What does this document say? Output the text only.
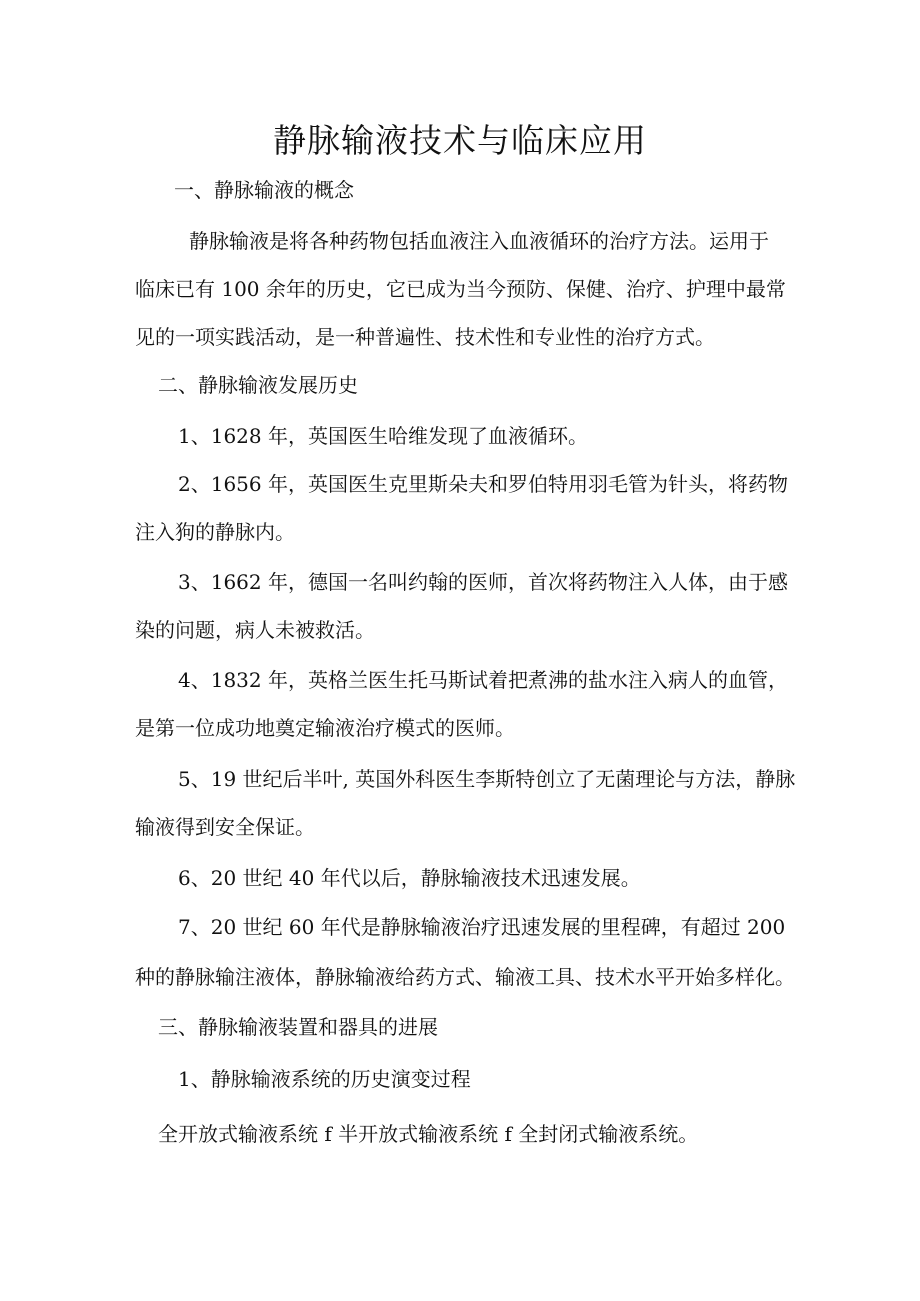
静脉输液技术与临床应用
一、静脉输液的概念
静脉输液是将各种药物包括血液注入血液循环的治疗方法。运用于
临床已有 100 余年的历史，它已成为当今预防、保健、治疗、护理中最常
见的一项实践活动，是一种普遍性、技术性和专业性的治疗方式。
二、静脉输液发展历史
1、1628 年，英国医生哈维发现了血液循环。
2、1656 年，英国医生克里斯朵夫和罗伯特用羽毛管为针头，将药物
注入狗的静脉内。
3、1662 年，德国一名叫约翰的医师，首次将药物注入人体，由于感
染的问题，病人未被救活。
4、1832 年，英格兰医生托马斯试着把煮沸的盐水注入病人的血管，
是第一位成功地奠定输液治疗模式的医师。
5、19 世纪后半叶, 英国外科医生李斯特创立了无菌理论与方法，静脉
输液得到安全保证。
6、20 世纪 40 年代以后，静脉输液技术迅速发展。
7、20 世纪 60 年代是静脉输液治疗迅速发展的里程碑，有超过 200
种的静脉输注液体，静脉输液给药方式、输液工具、技术水平开始多样化。
三、静脉输液装置和器具的进展
1、静脉输液系统的历史演变过程
全开放式输液系统 f 半开放式输液系统 f 全封闭式输液系统。
